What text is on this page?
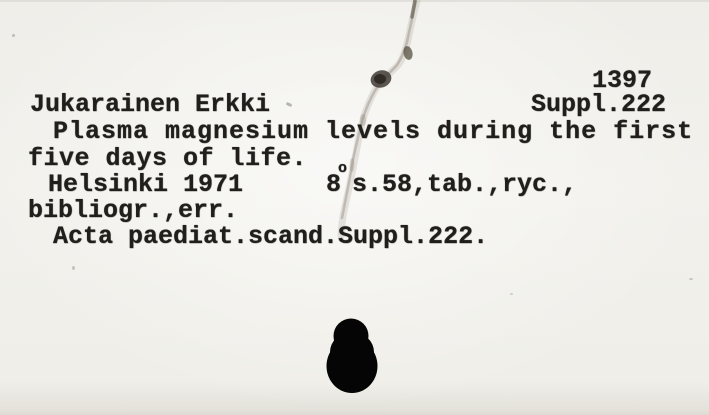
1397
Jukarainen Erkki	Suppl.222
Plasma magnesium levels during the first
five days of life.
Helsinki 1971	8
o
s.58,tab.,ryc.,
bibliogr.,err.
Acta paediat.scand.Suppl.222.
